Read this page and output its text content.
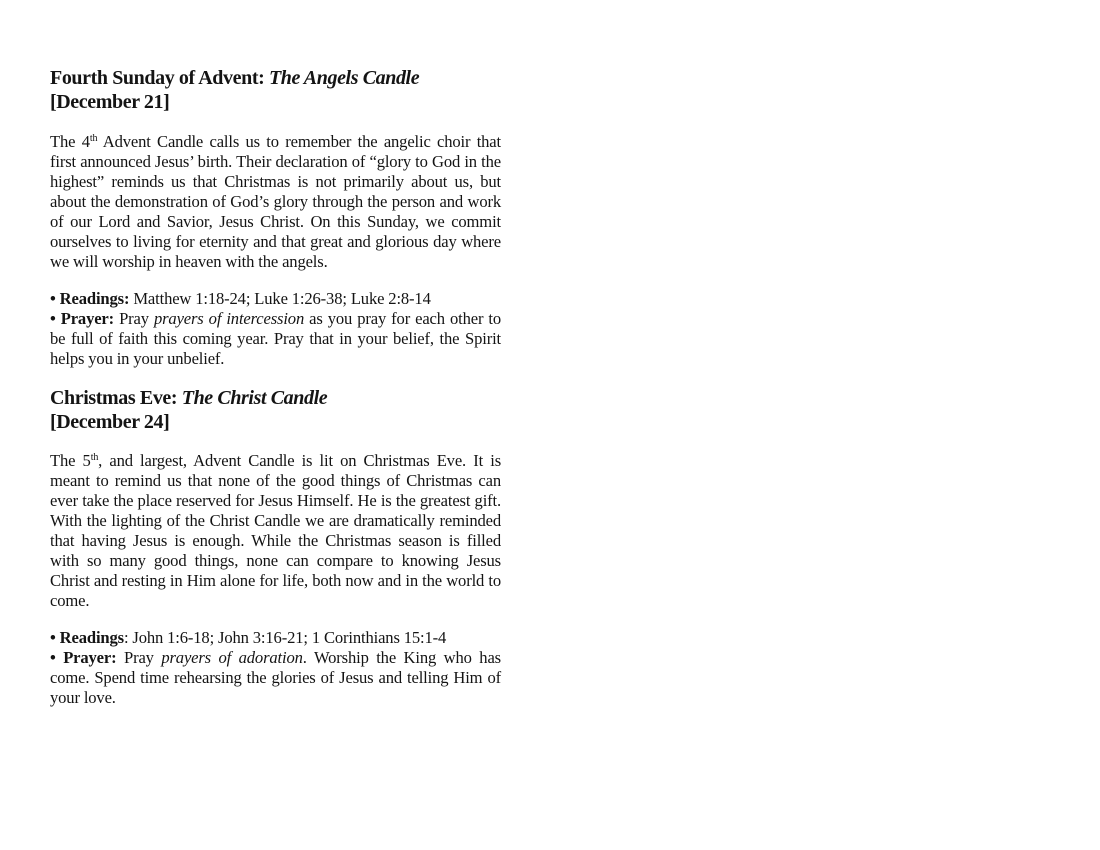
Fourth Sunday of Advent: The Angels Candle
[December 21]

The 4th Advent Candle calls us to remember the angelic choir that first announced Jesus’ birth. Their declaration of “glory to God in the highest” reminds us that Christmas is not primarily about us, but about the demonstration of God’s glory through the person and work of our Lord and Savior, Jesus Christ. On this Sunday, we commit ourselves to living for eternity and that great and glorious day where we will worship in heaven with the angels.

• Readings: Matthew 1:18-24; Luke 1:26-38; Luke 2:8-14
• Prayer: Pray prayers of intercession as you pray for each other to be full of faith this coming year. Pray that in your belief, the Spirit helps you in your unbelief.
Christmas Eve: The Christ Candle
[December 24]

The 5th, and largest, Advent Candle is lit on Christmas Eve. It is meant to remind us that none of the good things of Christmas can ever take the place reserved for Jesus Himself. He is the greatest gift. With the lighting of the Christ Candle we are dramatically reminded that having Jesus is enough. While the Christmas season is filled with so many good things, none can compare to knowing Jesus Christ and resting in Him alone for life, both now and in the world to come.

• Readings: John 1:6-18; John 3:16-21; 1 Corinthians 15:1-4
• Prayer: Pray prayers of adoration. Worship the King who has come. Spend time rehearsing the glories of Jesus and telling Him of your love.
